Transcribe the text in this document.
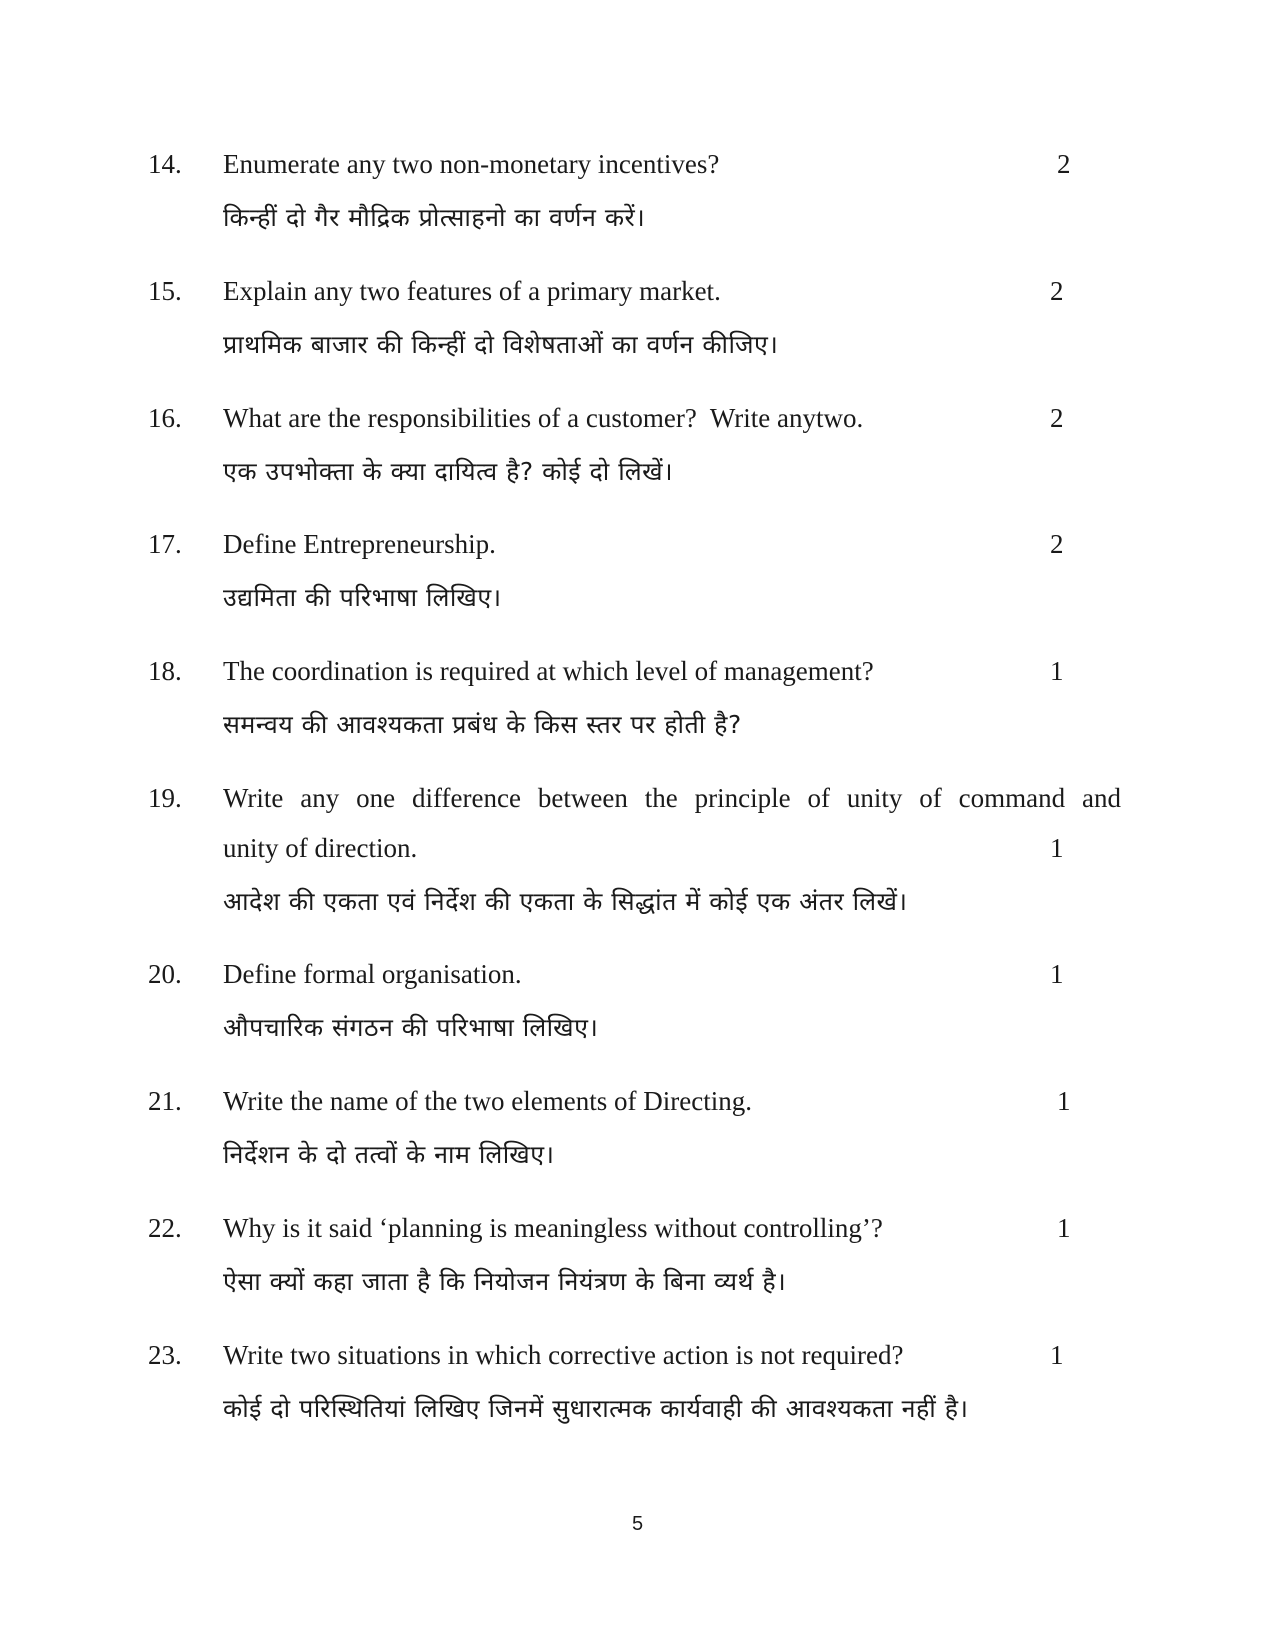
14. Enumerate any two non-monetary incentives?	2
किन्हीं दो गैर मौद्रिक प्रोत्साहनो का वर्णन करें।
15. Explain any two features of a primary market.	2
प्राथमिक बाजार की किन्हीं दो विशेषताओं का वर्णन कीजिए।
16. What are the responsibilities of a customer?  Write anytwo.	2
एक उपभोक्ता के क्या दायित्व है? कोई दो लिखें।
17. Define Entrepreneurship.	2
उद्यमिता की परिभाषा लिखिए।
18. The coordination is required at which level of management?	1
समन्वय की आवश्यकता प्रबंध के किस स्तर पर होती है?
19. Write any one difference between the principle of unity of command and
unity of direction.	1
आदेश की एकता एवं निर्देश की एकता के सिद्धांत में कोई एक अंतर लिखें।
20. Define formal organisation.	1
औपचारिक संगठन की परिभाषा लिखिए।
21. Write the name of the two elements of Directing.	1
निर्देशन के दो तत्वों के नाम लिखिए।
22. Why is it said ‘planning is meaningless without controlling’?	1
ऐसा क्यों कहा जाता है कि नियोजन नियंत्रण के बिना व्यर्थ है।
23. Write two situations in which corrective action is not required?	1
कोई दो परिस्थितियां लिखिए जिनमें सुधारात्मक कार्यवाही की आवश्यकता नहीं है।
5
